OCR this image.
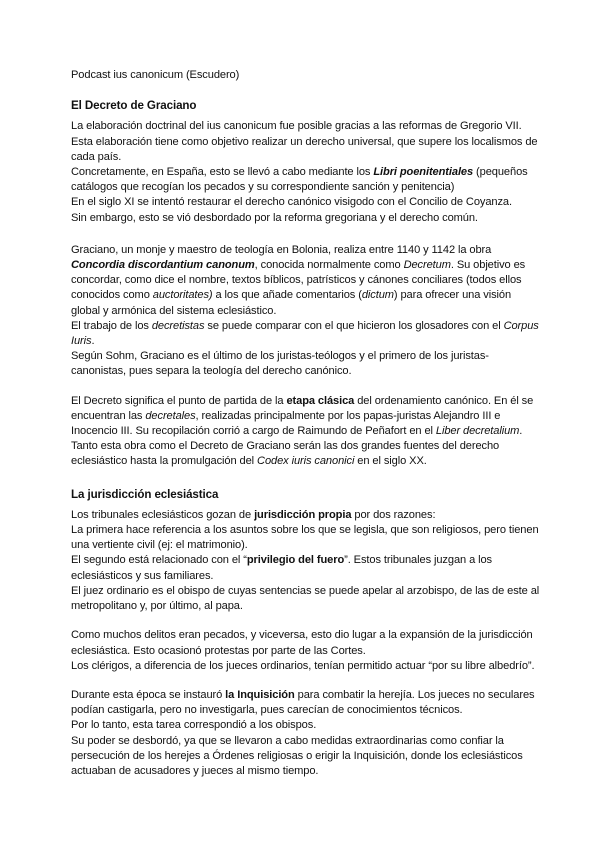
Podcast ius canonicum (Escudero)

El Decreto de Graciano

La elaboración doctrinal del ius canonicum fue posible gracias a las reformas de Gregorio VII. Esta elaboración tiene como objetivo realizar un derecho universal, que supere los localismos de cada país.

Concretamente, en España, esto se llevó a cabo mediante los Libri poenitentiales (pequeños catálogos que recogían los pecados y su correspondiente sanción y penitencia)

En el siglo XI se intentó restaurar el derecho canónico visigodo con el Concilio de Coyanza.

Sin embargo, esto se vió desbordado por la reforma gregoriana y el derecho común.

Graciano, un monje y maestro de teología en Bolonia, realiza entre 1140 y 1142 la obra Concordia discordantium canonum, conocida normalmente como Decretum. Su objetivo es concordar, como dice el nombre, textos bíblicos, patrísticos y cánones conciliares (todos ellos conocidos como auctoritates) a los que añade comentarios (dictum) para ofrecer una visión global y armónica del sistema eclesiástico.

El trabajo de los decretistas se puede comparar con el que hicieron los glosadores con el Corpus Iuris.

Según Sohm, Graciano es el último de los juristas-teólogos y el primero de los juristas-canonistas, pues separa la teología del derecho canónico.

El Decreto significa el punto de partida de la etapa clásica del ordenamiento canónico. En él se encuentran las decretales, realizadas principalmente por los papas-juristas Alejandro III e Inocencio III. Su recopilación corrió a cargo de Raimundo de Peñafort en el Liber decretalium. Tanto esta obra como el Decreto de Graciano serán las dos grandes fuentes del derecho eclesiástico hasta la promulgación del Codex iuris canonici en el siglo XX.

La jurisdicción eclesiástica

Los tribunales eclesiásticos gozan de jurisdicción propia por dos razones:

La primera hace referencia a los asuntos sobre los que se legisla, que son religiosos, pero tienen una vertiente civil (ej: el matrimonio).

El segundo está relacionado con el “privilegio del fuero”. Estos tribunales juzgan a los eclesiásticos y sus familiares.

El juez ordinario es el obispo de cuyas sentencias se puede apelar al arzobispo, de las de este al metropolitano y, por último, al papa.

Como muchos delitos eran pecados, y viceversa, esto dio lugar a la expansión de la jurisdicción eclesiástica. Esto ocasionó protestas por parte de las Cortes.

Los clérigos, a diferencia de los jueces ordinarios, tenían permitido actuar “por su libre albedrío”.

Durante esta época se instauró la Inquisición para combatir la herejía. Los jueces no seculares podían castigarla, pero no investigarla, pues carecían de conocimientos técnicos.

Por lo tanto, esta tarea correspondió a los obispos.

Su poder se desbordó, ya que se llevaron a cabo medidas extraordinarias como confiar la persecución de los herejes a Órdenes religiosas o erigir la Inquisición, donde los eclesiásticos actuaban de acusadores y jueces al mismo tiempo.
